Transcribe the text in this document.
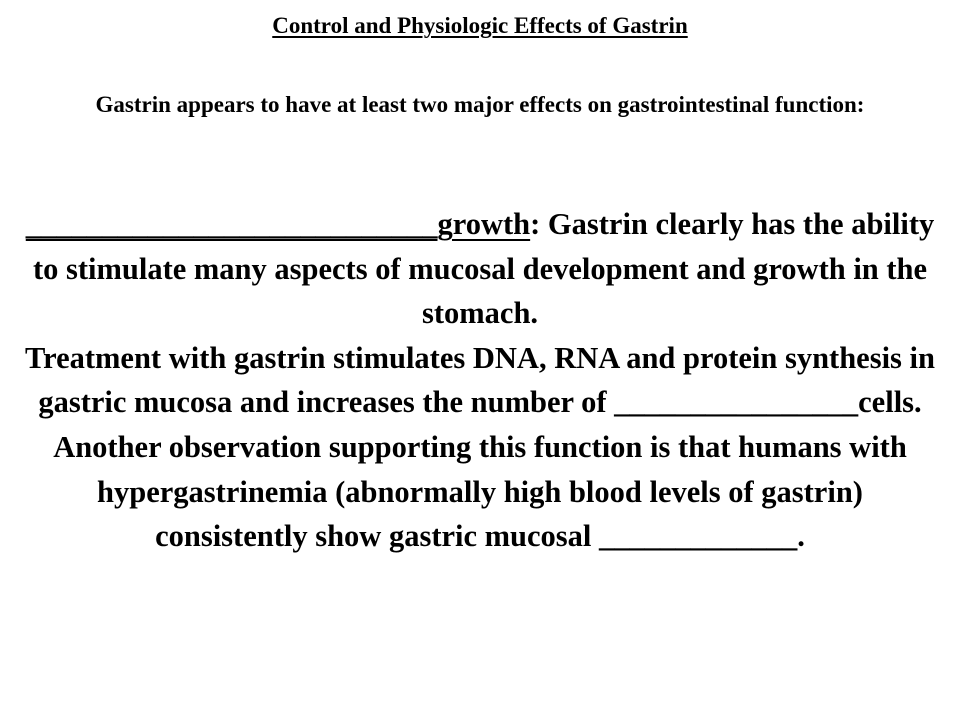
Control and Physiologic Effects of Gastrin
Gastrin appears to have at least two major effects on gastrointestinal function:

___________________________growth: Gastrin clearly has the ability to stimulate many aspects of mucosal development and growth in the stomach.

Treatment with gastrin stimulates DNA, RNA and protein synthesis in gastric mucosa and increases the number of ________________cells.

Another observation supporting this function is that humans with hypergastrinemia (abnormally high blood levels of gastrin) consistently show gastric mucosal _____________.
